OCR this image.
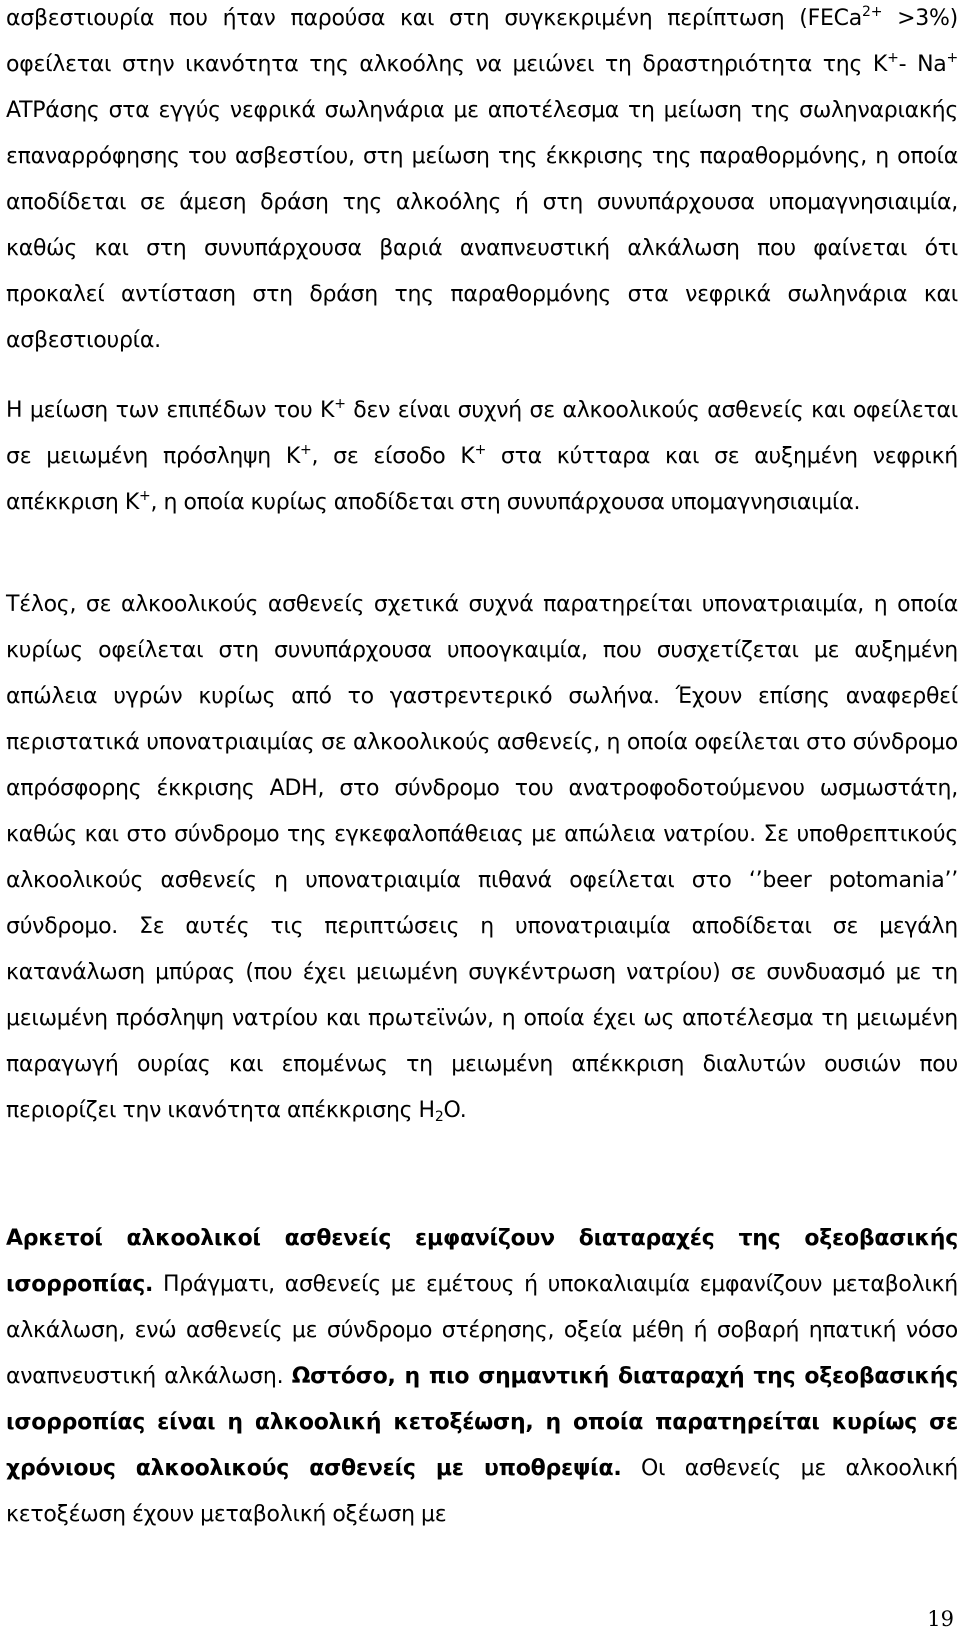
ασβεστιουρία που ήταν παρούσα και στη συγκεκριμένη περίπτωση (FECa$^{2+}$ >3%) οφείλεται στην ικανότητα της αλκοόλης να μειώνει τη δραστηριότητα της K+- Na+ ATPάσης στα εγγύς νεφρικά σωληνάρια με αποτέλεσμα τη μείωση της σωληναριακής επαναρρόφησης του ασβεστίου, στη μείωση της έκκρισης της παραθορμόνης, η οποία αποδίδεται σε άμεση δράση της αλκοόλης ή στη συνυπάρχουσα υπομαγνησιαιμία, καθώς και στη συνυπάρχουσα βαριά αναπνευστική αλκάλωση που φαίνεται ότι προκαλεί αντίσταση στη δράση της παραθορμόνης στα νεφρικά σωληνάρια και ασβεστιουρία.

Η μείωση των επιπέδων του K+ δεν είναι συχνή σε αλκοολικούς ασθενείς και οφείλεται σε μειωμένη πρόσληψη K+, σε είσοδο K+ στα κύτταρα και σε αυξημένη νεφρική απέκκριση K+, η οποία κυρίως αποδίδεται στη συνυπάρχουσα υπομαγνησιαιμία.

Τέλος, σε αλκοολικούς ασθενείς σχετικά συχνά παρατηρείται υπονατριαιμία, η οποία κυρίως οφείλεται στη συνυπάρχουσα υποογκαιμία, που συσχετίζεται με αυξημένη απώλεια υγρών κυρίως από το γαστρεντερικό σωλήνα. Έχουν επίσης αναφερθεί περιστατικά υπονατριαιμίας σε αλκοολικούς ασθενείς, η οποία οφείλεται στο σύνδρομο απρόσφορης έκκρισης ADH, στο σύνδρομο του ανατροφοδοτούμενου ωσμωστάτη, καθώς και στο σύνδρομο της εγκεφαλοπάθειας με απώλεια νατρίου. Σε υποθρεπτικούς αλκοολικούς ασθενείς η υπονατριαιμία πιθανά οφείλεται στο ‘’beer potomania’’ σύνδρομο. Σε αυτές τις περιπτώσεις η υπονατριαιμία αποδίδεται σε μεγάλη κατανάλωση μπύρας (που έχει μειωμένη συγκέντρωση νατρίου) σε συνδυασμό με τη μειωμένη πρόσληψη νατρίου και πρωτεϊνών, η οποία έχει ως αποτέλεσμα τη μειωμένη παραγωγή ουρίας και επομένως τη μειωμένη απέκκριση διαλυτών ουσιών που περιορίζει την ικανότητα απέκκρισης $H_2O$.

Αρκετοί αλκοολικοί ασθενείς εμφανίζουν διαταραχές της οξεοβασικής ισορροπίας. Πράγματι, ασθενείς με εμέτους ή υποκαλιαιμία εμφανίζουν μεταβολική αλκάλωση, ενώ ασθενείς με σύνδρομο στέρησης, οξεία μέθη ή σοβαρή ηπατική νόσο αναπνευστική αλκάλωση. Ωστόσο, η πιο σημαντική διαταραχή της οξεοβασικής ισορροπίας είναι η αλκοολική κετοξέωση, η οποία παρατηρείται κυρίως σε χρόνιους αλκοολικούς ασθενείς με υποθρεψία. Οι ασθενείς με αλκοολική κετοξέωση έχουν μεταβολική οξέωση με

19
